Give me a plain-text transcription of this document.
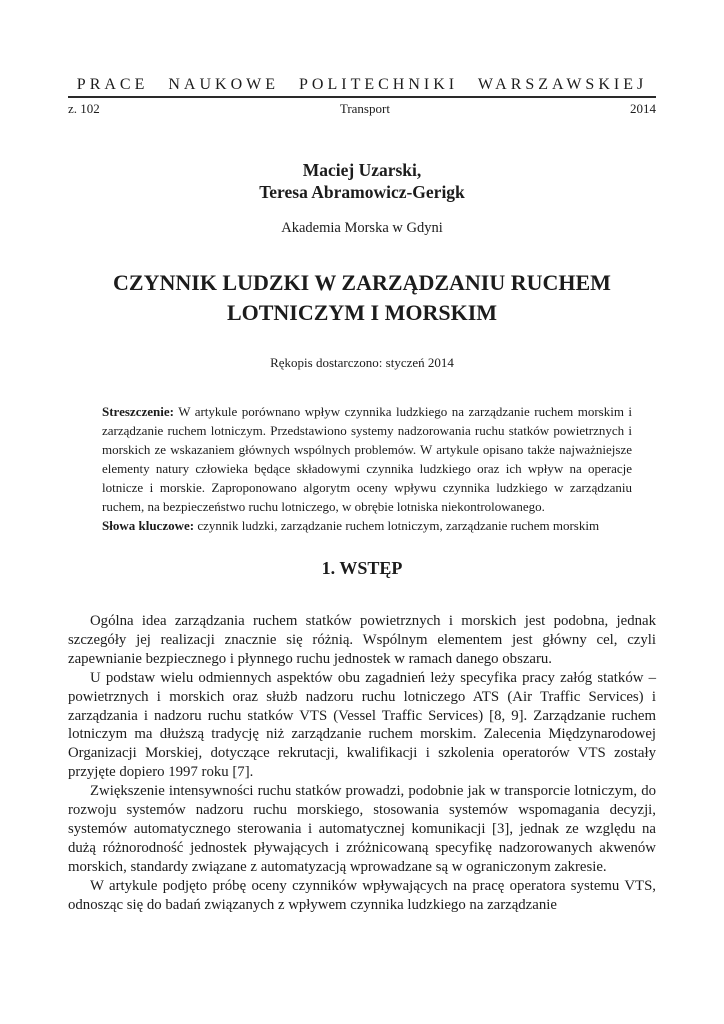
PRACE NAUKOWE POLITECHNIKI WARSZAWSKIEJ
z. 102	Transport	2014
Maciej Uzarski,
Teresa Abramowicz-Gerigk
Akademia Morska w Gdyni
CZYNNIK LUDZKI W ZARZĄDZANIU RUCHEM LOTNICZYM I MORSKIM
Rękopis dostarczono: styczeń 2014

Streszczenie: W artykule porównano wpływ czynnika ludzkiego na zarządzanie ruchem morskim i zarządzanie ruchem lotniczym. Przedstawiono systemy nadzorowania ruchu statków powietrznych i morskich ze wskazaniem głównych wspólnych problemów. W artykule opisano także najważniejsze elementy natury człowieka będące składowymi czynnika ludzkiego oraz ich wpływ na operacje lotnicze i morskie. Zaproponowano algorytm oceny wpływu czynnika ludzkiego w zarządzaniu ruchem, na bezpieczeństwo ruchu lotniczego, w obrębie lotniska niekontrolowanego.

Słowa kluczowe: czynnik ludzki, zarządzanie ruchem lotniczym, zarządzanie ruchem morskim

1. WSTĘP

Ogólna idea zarządzania ruchem statków powietrznych i morskich jest podobna, jednak szczegóły jej realizacji znacznie się różnią. Wspólnym elementem jest główny cel, czyli zapewnianie bezpiecznego i płynnego ruchu jednostek w ramach danego obszaru.

U podstaw wielu odmiennych aspektów obu zagadnień leży specyfika pracy załóg statków – powietrznych i morskich oraz służb nadzoru ruchu lotniczego ATS (Air Traffic Services) i zarządzania i nadzoru ruchu statków VTS (Vessel Traffic Services) [8, 9]. Zarządzanie ruchem lotniczym ma dłuższą tradycję niż zarządzanie ruchem morskim. Zalecenia Międzynarodowej Organizacji Morskiej, dotyczące rekrutacji, kwalifikacji i szkolenia operatorów VTS zostały przyjęte dopiero 1997 roku [7].

Zwiększenie intensywności ruchu statków prowadzi, podobnie jak w transporcie lotniczym, do rozwoju systemów nadzoru ruchu morskiego, stosowania systemów wspomagania decyzji, systemów automatycznego sterowania i automatycznej komunikacji [3], jednak ze względu na dużą różnorodność jednostek pływających i zróżnicowaną specyfikę nadzorowanych akwenów morskich, standardy związane z automatyzacją wprowadzane są w ograniczonym zakresie.

W artykule podjęto próbę oceny czynników wpływających na pracę operatora systemu VTS, odnosząc się do badań związanych z wpływem czynnika ludzkiego na zarządzanie
